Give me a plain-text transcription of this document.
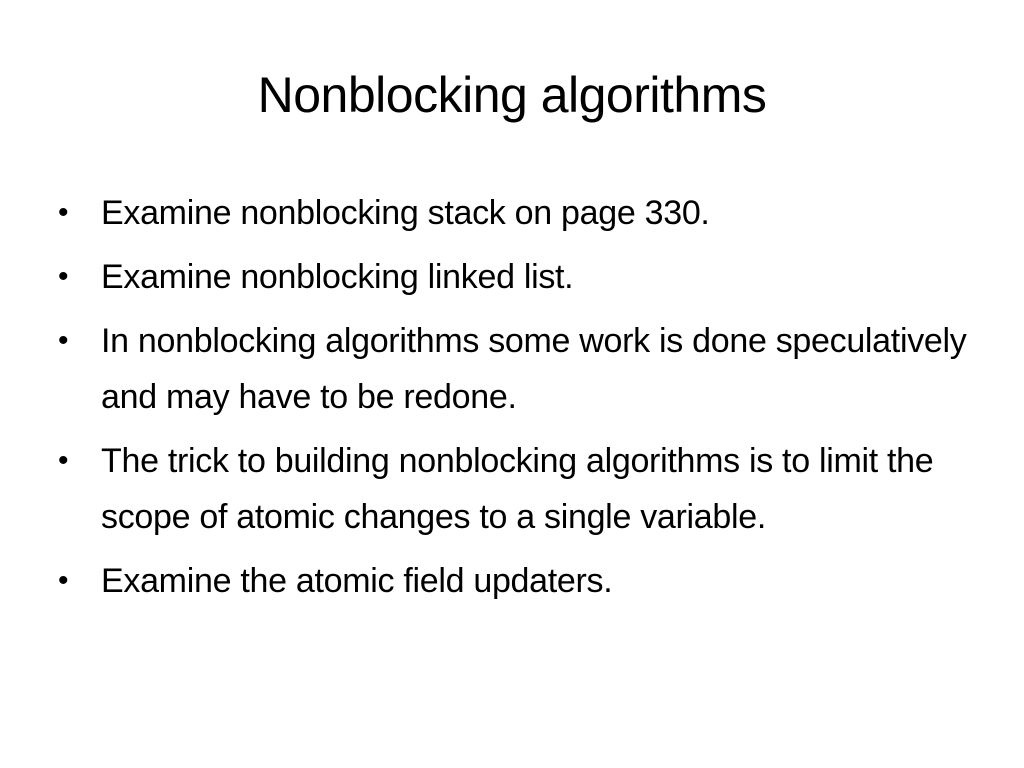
Nonblocking algorithms
• Examine nonblocking stack on page 330.
• Examine nonblocking linked list.
• In nonblocking algorithms some work is done speculatively and may have to be redone.
• The trick to building nonblocking algorithms is to limit the scope of atomic changes to a single variable.
• Examine the atomic field updaters.
